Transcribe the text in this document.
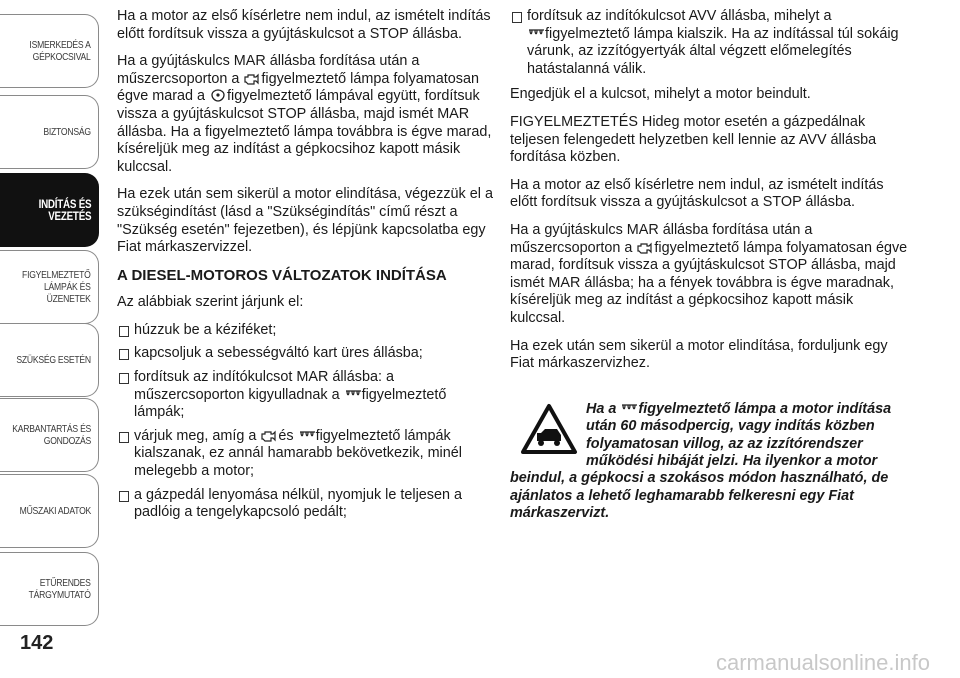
ISMERKEDÉS A
GÉPKOCSIVAL
BIZTONSÁG
INDÍTÁS ÉS
VEZETÉS
FIGYELMEZTETŐ
LÁMPÁK ÉS
ÜZENETEK
SZÜKSÉG ESETÉN
KARBANTARTÁS ÉS
GONDOZÁS
MŰSZAKI ADATOK
ETŰRENDES
TÁRGYMUTATÓ
142
carmanualsonline.info

Ha a motor az első kísérletre nem indul, az ismételt indítás előtt fordítsuk vissza a gyújtáskulcsot a STOP állásba.

Ha a gyújtáskulcs MAR állásba fordítása után a műszercsoporton a figyelmeztető lámpa folyamatosan égve marad a figyelmeztető lámpával együtt, fordítsuk vissza a gyújtáskulcsot STOP állásba, majd ismét MAR állásba. Ha a figyelmeztető lámpa továbbra is égve marad, kíséreljük meg az indítást a gépkocsihoz kapott másik kulccsal.

Ha ezek után sem sikerül a motor elindítása, végezzük el a szükségindítást (lásd a "Szükségindítás" című részt a "Szükség esetén" fejezetben), és lépjünk kapcsolatba egy Fiat márkaszervizzel.

A DIESEL-MOTOROS VÁLTOZATOK INDÍTÁSA

Az alábbiak szerint járjunk el:

húzzuk be a kéziféket;
kapcsoljuk a sebességváltó kart üres állásba;
fordítsuk az indítókulcsot MAR állásba: a műszercsoporton kigyulladnak a figyelmeztető lámpák;
várjuk meg, amíg a és figyelmeztető lámpák kialszanak, ez annál hamarabb bekövetkezik, minél melegebb a motor;
a gázpedál lenyomása nélkül, nyomjuk le teljesen a padlóig a tengelykapcsoló pedált;
fordítsuk az indítókulcsot AVV állásba, mihelyt a
figyelmeztető lámpa kialszik. Ha az indítással túl sokáig várunk, az izzítógyertyák által végzett előmelegítés hatástalanná válik.

Engedjük el a kulcsot, mihelyt a motor beindult.

FIGYELMEZTETÉS Hideg motor esetén a gázpedálnak teljesen felengedett helyzetben kell lennie az AVV állásba fordítása közben.

Ha a motor az első kísérletre nem indul, az ismételt indítás előtt fordítsuk vissza a gyújtáskulcsot a STOP állásba.

Ha a gyújtáskulcs MAR állásba fordítása után a műszercsoporton a figyelmeztető lámpa folyamatosan égve marad, fordítsuk vissza a gyújtáskulcsot STOP állásba, majd ismét MAR állásba; ha a fények továbbra is égve maradnak, kíséreljük meg az indítást a gépkocsihoz kapott másik kulccsal.

Ha ezek után sem sikerül a motor elindítása, forduljunk egy Fiat márkaszervizhez.

Ha a figyelmeztető lámpa a motor indítása után 60 másodpercig, vagy indítás közben folyamatosan villog, az az izzítórendszer működési hibáját jelzi. Ha ilyenkor a motor beindul, a gépkocsi a szokásos módon használható, de ajánlatos a lehető leghamarabb felkeresni egy Fiat márkaszervizt.
